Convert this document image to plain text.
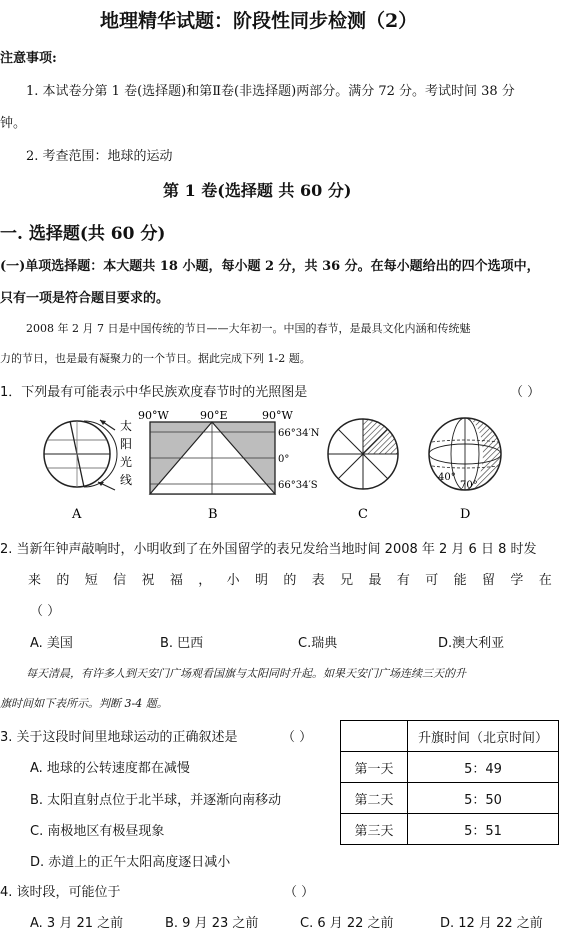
地理精华试题：阶段性同步检测（2）
注意事项:
1. 本试卷分第 1 卷(选择题)和第Ⅱ卷(非选择题)两部分。满分 72 分。考试时间 38 分
钟。
2. 考查范围：地球的运动
第 1 卷(选择题 共 60 分)
一. 选择题(共 60 分)
(一)单项选择题：本大题共 18 小题，每小题 2 分，共 36 分。在每小题给出的四个选项中，
只有一项是符合题目要求的。
2008 年 2 月 7 日是中国传统的节日——大年初一。中国的春节，是最具文化内涵和传统魅
力的节日，也是最有凝聚力的一个节日。据此完成下列 1-2 题。
1．下列最有可能表示中华民族欢度春节时的光照图是	（ ）
太
阳
光
线
90°W	90°E	90°W
66°34′N
0°
66°34′S
40°
70°
A	B	C	D
2. 当新年钟声敲响时，小明收到了在外国留学的表兄发给当地时间 2008 年 2 月 6 日 8 时发
来 的 短 信 祝 福 ， 小 明 的 表 兄 最 有 可 能 留 学 在
（ ）
A. 美国	B. 巴西	C.瑞典	D.澳大利亚
每天清晨，有许多人到天安门广场观看国旗与太阳同时升起。如果天安门广场连续三天的升
旗时间如下表所示。判断 3-4 题。
3. 关于这段时间里地球运动的正确叙述是	（ ）
A. 地球的公转速度都在减慢
B. 太阳直射点位于北半球，并逐渐向南移动
C. 南极地区有极昼现象
D. 赤道上的正午太阳高度逐日减小
	升旗时间（北京时间）
第一天	5：49
第二天	5：50
第三天	5：51
4. 该时段，可能位于	（ ）
A. 3 月 21 之前	B. 9 月 23 之前	C. 6 月 22 之前	D. 12 月 22 之前
